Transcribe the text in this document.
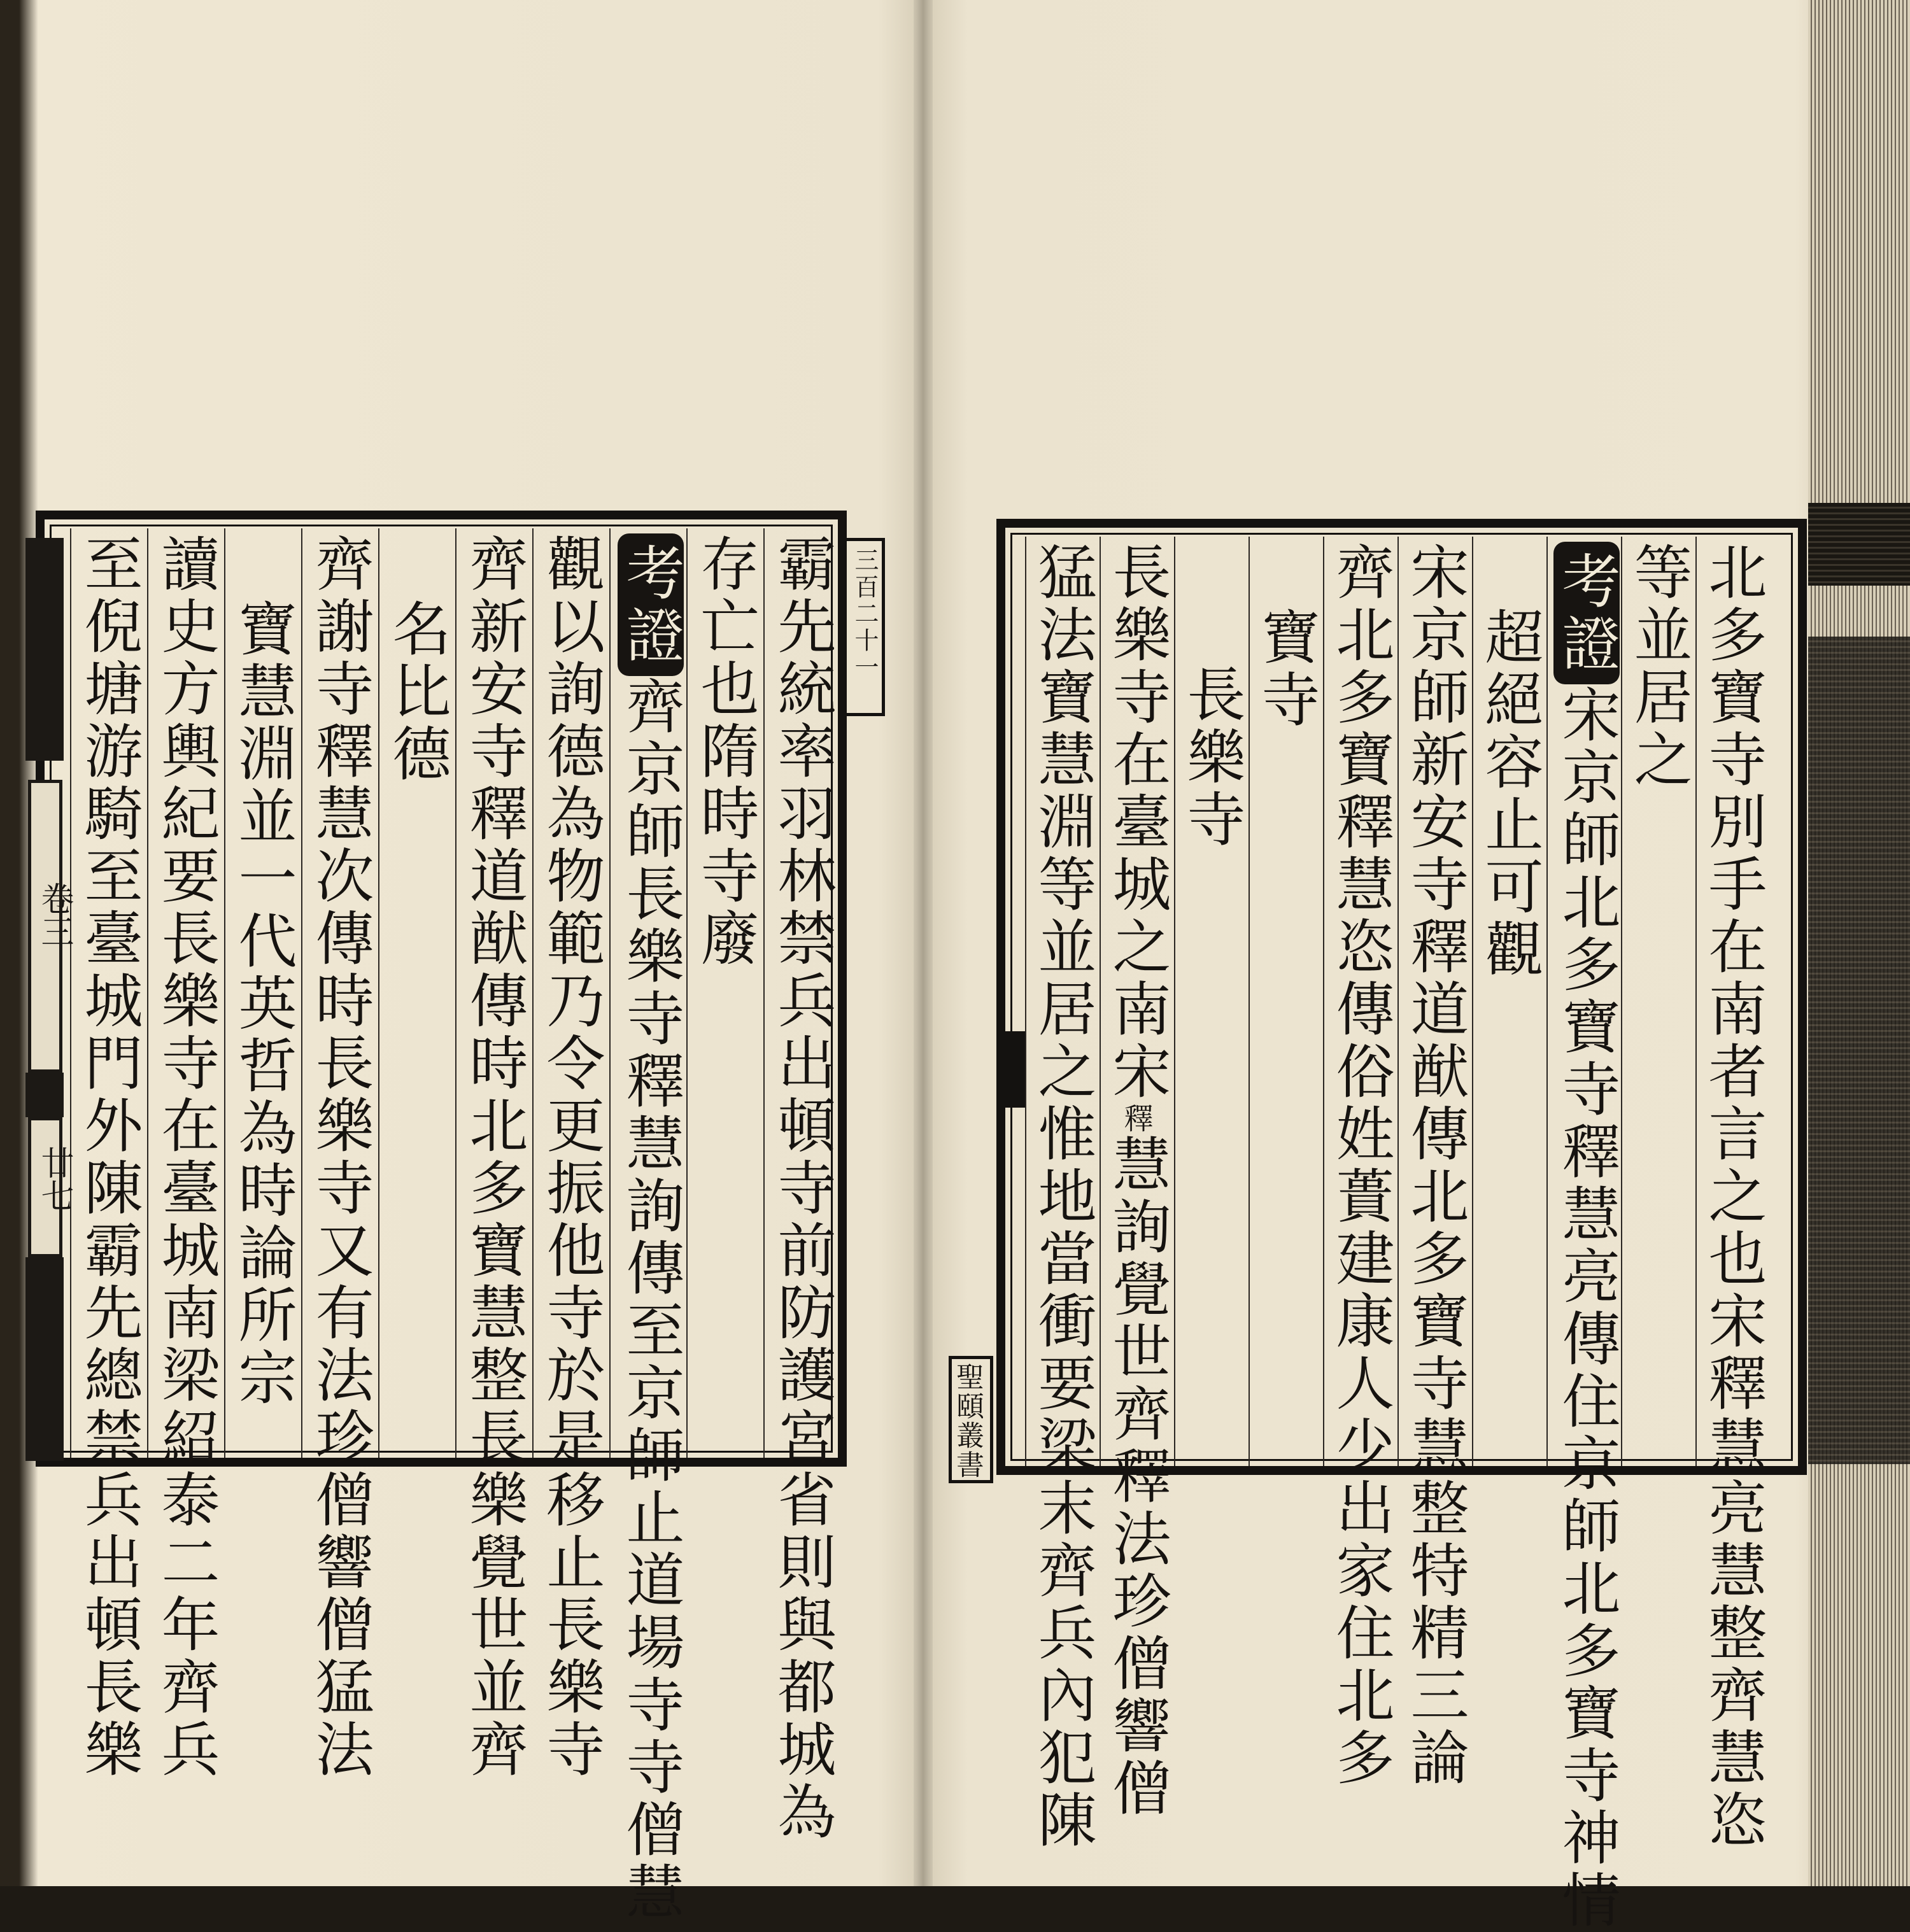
霸先統率羽林禁兵出頓寺前防護宮省則與都城為
存亡也隋時寺廢
考證齊京師長樂寺釋慧詢傳至京師止道場寺寺僧慧
觀以詢德為物範乃令更振他寺於是移止長樂寺
齊新安寺釋道猷傳時北多寶慧整長樂覺世並齊
名比德
齊謝寺釋慧次傳時長樂寺又有法珍僧響僧猛法
寶慧淵並一代英哲為時論所宗
讀史方輿紀要長樂寺在臺城南梁紹泰二年齊兵
至倪塘游騎至臺城門外陳霸先總禁兵出頓長樂	三百二十一
卷三
廿七	北多寶寺別手在南者言之也宋釋慧亮慧整齊慧恣
等並居之
考證宋京師北多寶寺釋慧亮傳住京師北多寶寺神情
超絕容止可觀
宋京師新安寺釋道猷傳北多寶寺慧整特精三論
齊北多寶釋慧恣傳俗姓蕢建康人少出家住北多
寶寺
長樂寺
長樂寺在臺城之南宋釋慧詢覺世齊釋法珍僧響僧
猛法寶慧淵等並居之惟地當衝要梁末齊兵內犯陳
聖頤叢書
